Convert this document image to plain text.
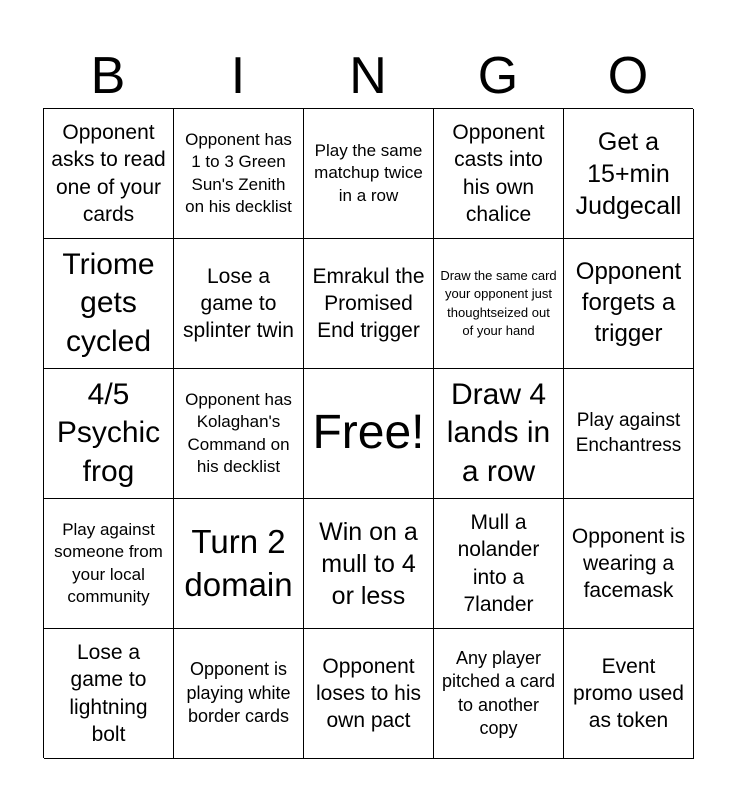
B	I	N	G	O
Opponent asks to read one of your cards
Opponent has 1 to 3 Green Sun's Zenith on his decklist
Play the same matchup twice in a row
Opponent casts into his own chalice
Get a 15+min Judgecall
Triome gets cycled
Lose a game to splinter twin
Emrakul the Promised End trigger
Draw the same card your opponent just thoughtseized out of your hand
Opponent forgets a trigger
4/5 Psychic frog
Opponent has Kolaghan's Command on his decklist
Free!
Draw 4 lands in a row
Play against Enchantress
Play against someone from your local community
Turn 2 domain
Win on a mull to 4 or less
Mull a nolander into a 7lander
Opponent is wearing a facemask
Lose a game to lightning bolt
Opponent is playing white border cards
Opponent loses to his own pact
Any player pitched a card to another copy
Event promo used as token
